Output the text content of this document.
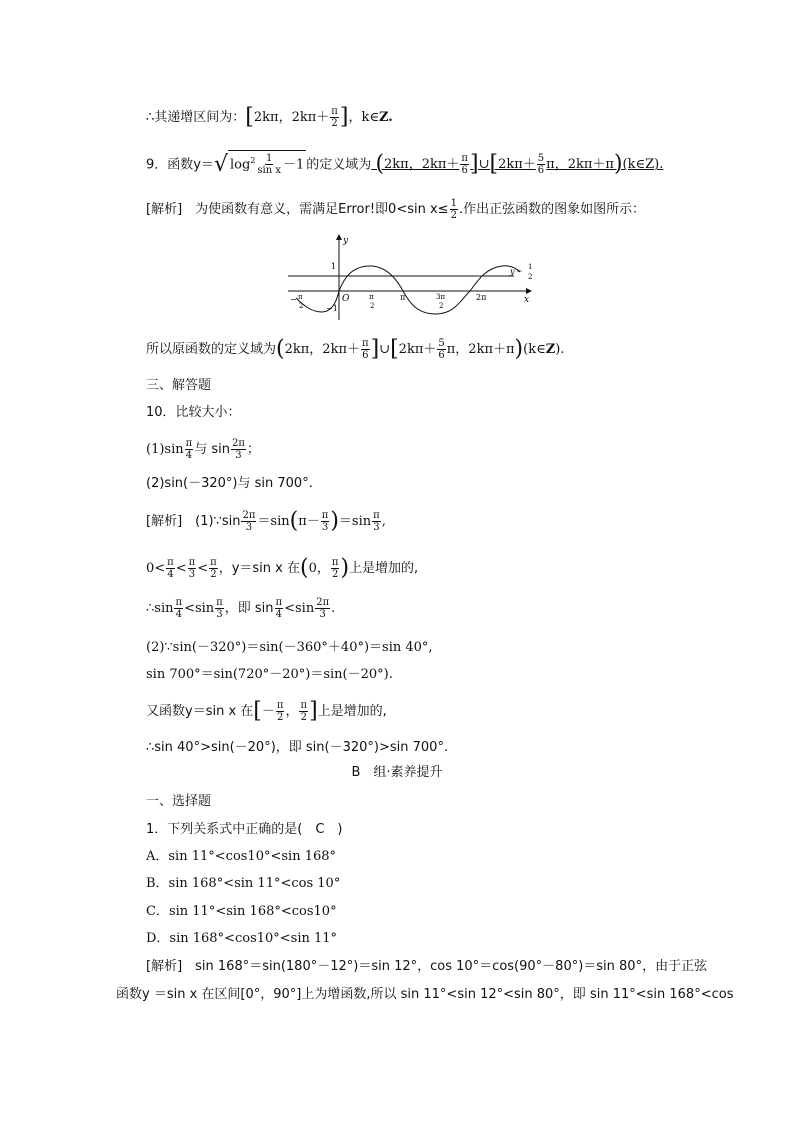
∴其递增区间为：[2kπ，$2k\pi+ \frac{\pi}{2}$ ]，k∈Z.
9．函数y＝√ $\log^2 \frac{1}{\text{sin x}} -1$ 的定义域为 (2kπ，$2k\pi+ \frac{\pi}{6}$ ]∪[2kπ＋ $\frac{5}{6}$ π，2kπ＋π)(k∈Z).
[解析]　为使函数有意义，需满足Error!即0<sin $x\le \frac{1}{2}$ .作出正弦函数的图象如图所示：
y
1
−1
O	x
y＝ 1
2
− π
2
π
2
π	3π
2
2π
所以原函数的定义域为(2kπ，$2k\pi+ \frac{\pi}{6}$ ]∪[2kπ＋ $\frac{5}{6}$ π，2kπ＋π)(k∈Z).
三、解答题
10．比较大小：
$(1)\sin \frac{\pi}{4}$ 与 $\sin \frac{2\pi}{3}$ ；
(2)sin(－320°)与 sin 700°.
[解析]　(1)∵sin $\frac{2\pi}{3} =\sin(\pi- \frac{\pi}{3} )=\sin \frac{\pi}{3}$ ,
$0< \frac{\pi}{4} < \frac{\pi}{3} < \frac{\pi}{2}$ ，y＝sin x 在(0， $\frac{\pi}{2}$ )上是增加的,
∴sin $\frac{\pi}{4} <\sin \frac{\pi}{3}$ ，即 $\sin \frac{\pi}{4} <\sin \frac{2\pi}{3}$ .
(2)∵sin(－320°)＝sin(－360°＋40°)＝sin 40°,
sin 700°＝sin(720°－20°)＝sin(－20°).
又函数y＝sin x 在[－ $\frac{\pi}{2}$ ， $\frac{\pi}{2}$ ]上是增加的,
∴sin 40°>sin(－20°)，即 sin(－320°)>sin 700°.
B　组·素养提升
一、选择题
1．下列关系式中正确的是(　C　)
A．sin 11°<cos10°<sin 168°
B．sin 168°<sin 11°<cos 10°
C．sin 11°<sin 168°<cos10°
D．sin 168°<cos10°<sin 11°
[解析]　sin 168°＝sin(180°－12°)＝sin 12°，cos 10°＝cos(90°－80°)＝sin 80°，由于正弦
函数y ＝sin x 在区间[0°，90°]上为增函数,所以 sin 11°<sin 12°<sin 80°，即 sin 11°<sin 168°<cos
